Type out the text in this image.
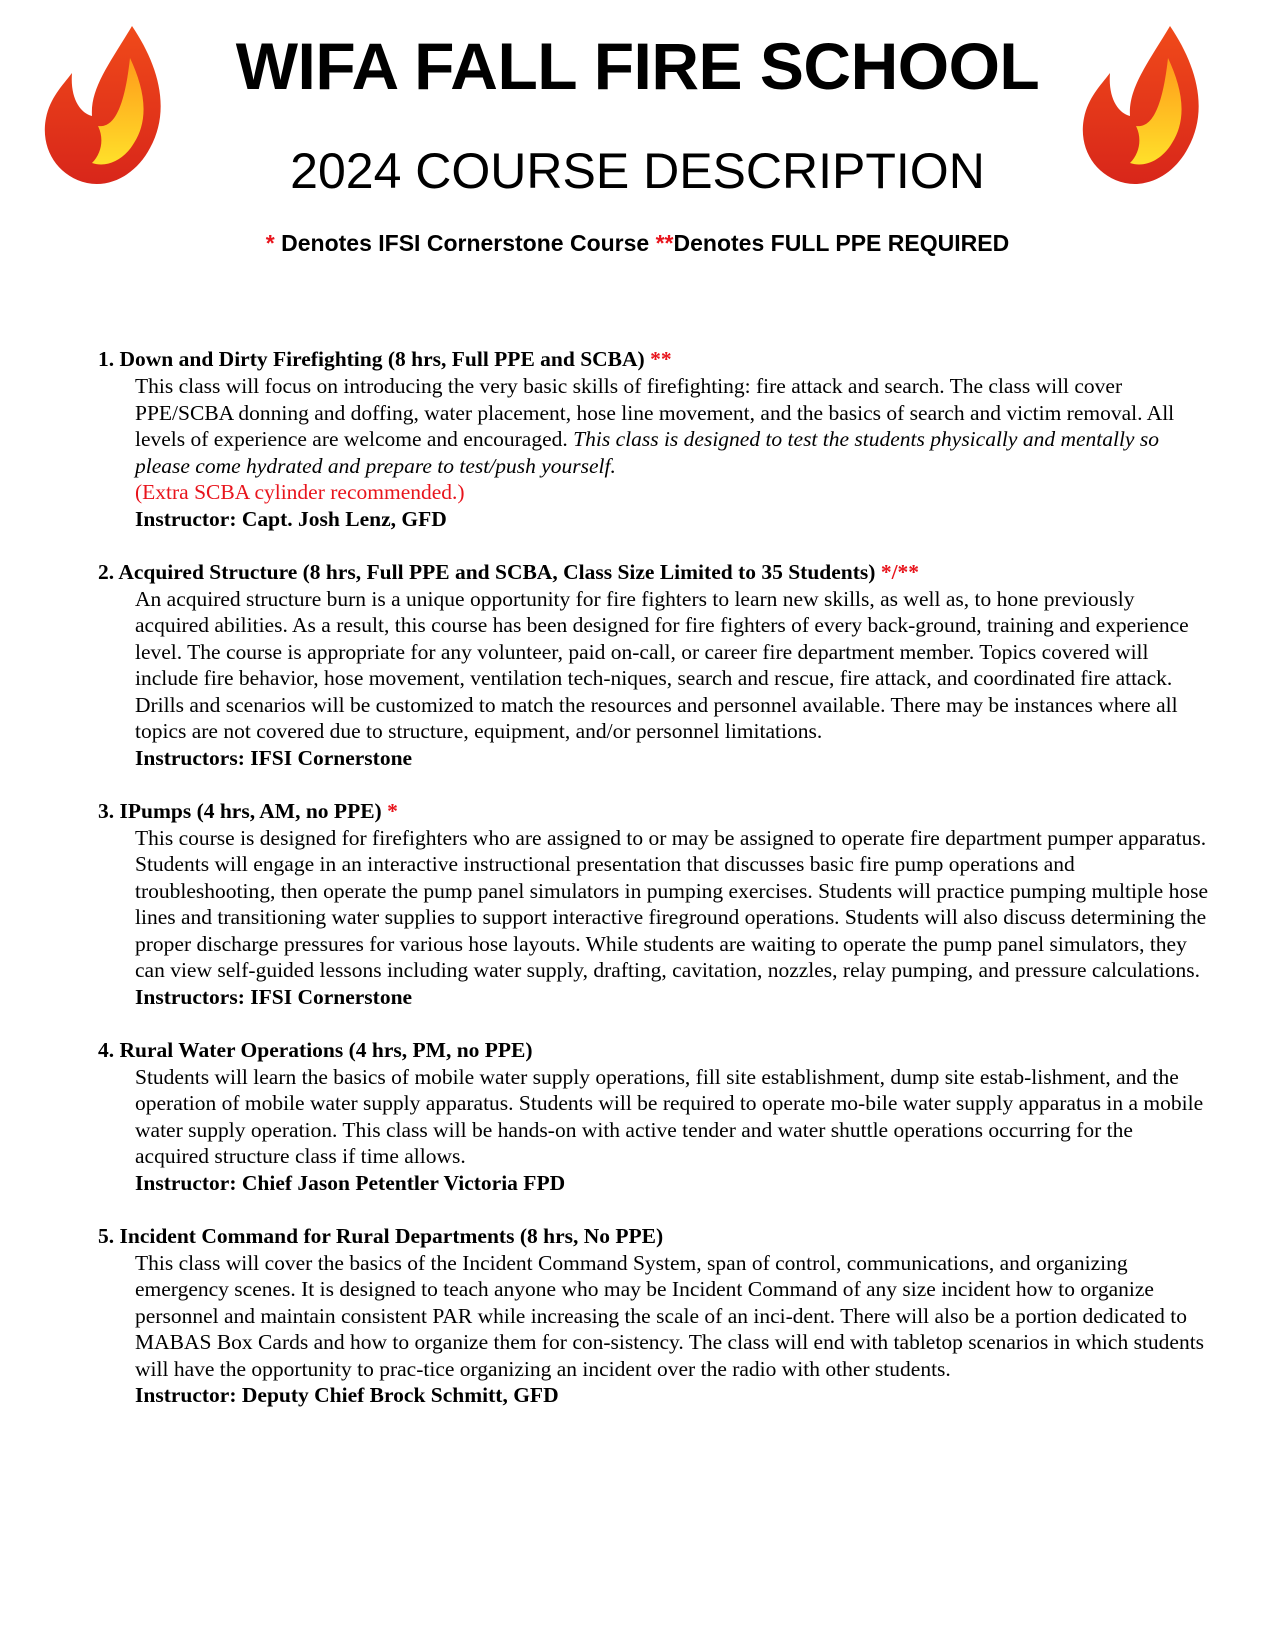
WIFA FALL FIRE SCHOOL
2024 COURSE DESCRIPTION
* Denotes IFSI Cornerstone Course **Denotes FULL PPE REQUIRED
1. Down and Dirty Firefighting (8 hrs, Full PPE and SCBA) **
This class will focus on introducing the very basic skills of firefighting: fire attack and search. The class will cover PPE/SCBA donning and doffing, water placement, hose line movement, and the basics of search and victim removal. All levels of experience are welcome and encouraged. This class is designed to test the students physically and mentally so please come hydrated and prepare to test/push yourself.
(Extra SCBA cylinder recommended.)
Instructor: Capt. Josh Lenz, GFD
2. Acquired Structure (8 hrs, Full PPE and SCBA, Class Size Limited to 35 Students) */**
An acquired structure burn is a unique opportunity for fire fighters to learn new skills, as well as, to hone previously acquired abilities. As a result, this course has been designed for fire fighters of every back-ground, training and experience level. The course is appropriate for any volunteer, paid on-call, or career fire department member. Topics covered will include fire behavior, hose movement, ventilation tech-niques, search and rescue, fire attack, and coordinated fire attack. Drills and scenarios will be customized to match the resources and personnel available. There may be instances where all topics are not covered due to structure, equipment, and/or personnel limitations.
Instructors: IFSI Cornerstone
3. IPumps (4 hrs, AM, no PPE) *
This course is designed for firefighters who are assigned to or may be assigned to operate fire department pumper apparatus. Students will engage in an interactive instructional presentation that discusses basic fire pump operations and troubleshooting, then operate the pump panel simulators in pumping exercises. Students will practice pumping multiple hose lines and transitioning water supplies to support interactive fireground operations. Students will also discuss determining the proper discharge pressures for various hose layouts. While students are waiting to operate the pump panel simulators, they can view self-guided lessons including water supply, drafting, cavitation, nozzles, relay pumping, and pressure calculations.
Instructors: IFSI Cornerstone
4. Rural Water Operations (4 hrs, PM, no PPE)
Students will learn the basics of mobile water supply operations, fill site establishment, dump site estab-lishment, and the operation of mobile water supply apparatus. Students will be required to operate mo-bile water supply apparatus in a mobile water supply operation. This class will be hands-on with active tender and water shuttle operations occurring for the acquired structure class if time allows.
Instructor: Chief Jason Petentler Victoria FPD
5. Incident Command for Rural Departments (8 hrs, No PPE)
This class will cover the basics of the Incident Command System, span of control, communications, and organizing emergency scenes. It is designed to teach anyone who may be Incident Command of any size incident how to organize personnel and maintain consistent PAR while increasing the scale of an inci-dent. There will also be a portion dedicated to MABAS Box Cards and how to organize them for con-sistency. The class will end with tabletop scenarios in which students will have the opportunity to prac-tice organizing an incident over the radio with other students.
Instructor: Deputy Chief Brock Schmitt, GFD
